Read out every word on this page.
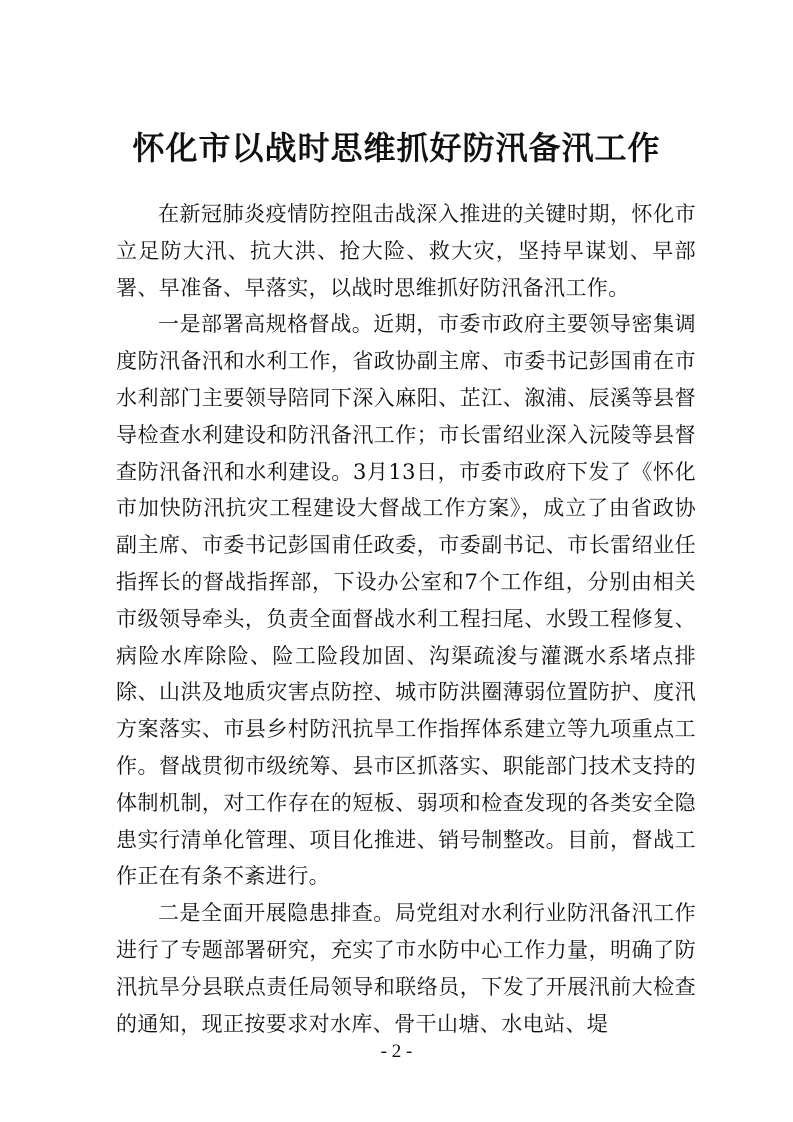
怀化市以战时思维抓好防汛备汛工作

在新冠肺炎疫情防控阻击战深入推进的关键时期，怀化市立足防大汛、抗大洪、抢大险、救大灾，坚持早谋划、早部署、早准备、早落实，以战时思维抓好防汛备汛工作。

一是部署高规格督战。近期，市委市政府主要领导密集调度防汛备汛和水利工作，省政协副主席、市委书记彭国甫在市水利部门主要领导陪同下深入麻阳、芷江、溆浦、辰溪等县督导检查水利建设和防汛备汛工作；市长雷绍业深入沅陵等县督查防汛备汛和水利建设。3月13日，市委市政府下发了《怀化市加快防汛抗灾工程建设大督战工作方案》，成立了由省政协副主席、市委书记彭国甫任政委，市委副书记、市长雷绍业任指挥长的督战指挥部，下设办公室和7个工作组，分别由相关市级领导牵头，负责全面督战水利工程扫尾、水毁工程修复、病险水库除险、险工险段加固、沟渠疏浚与灌溉水系堵点排除、山洪及地质灾害点防控、城市防洪圈薄弱位置防护、度汛方案落实、市县乡村防汛抗旱工作指挥体系建立等九项重点工作。督战贯彻市级统筹、县市区抓落实、职能部门技术支持的体制机制，对工作存在的短板、弱项和检查发现的各类安全隐患实行清单化管理、项目化推进、销号制整改。目前，督战工作正在有条不紊进行。

二是全面开展隐患排查。局党组对水利行业防汛备汛工作进行了专题部署研究，充实了市水防中心工作力量，明确了防汛抗旱分县联点责任局领导和联络员，下发了开展汛前大检查的通知，现正按要求对水库、骨干山塘、水电站、堤

- 2 -
